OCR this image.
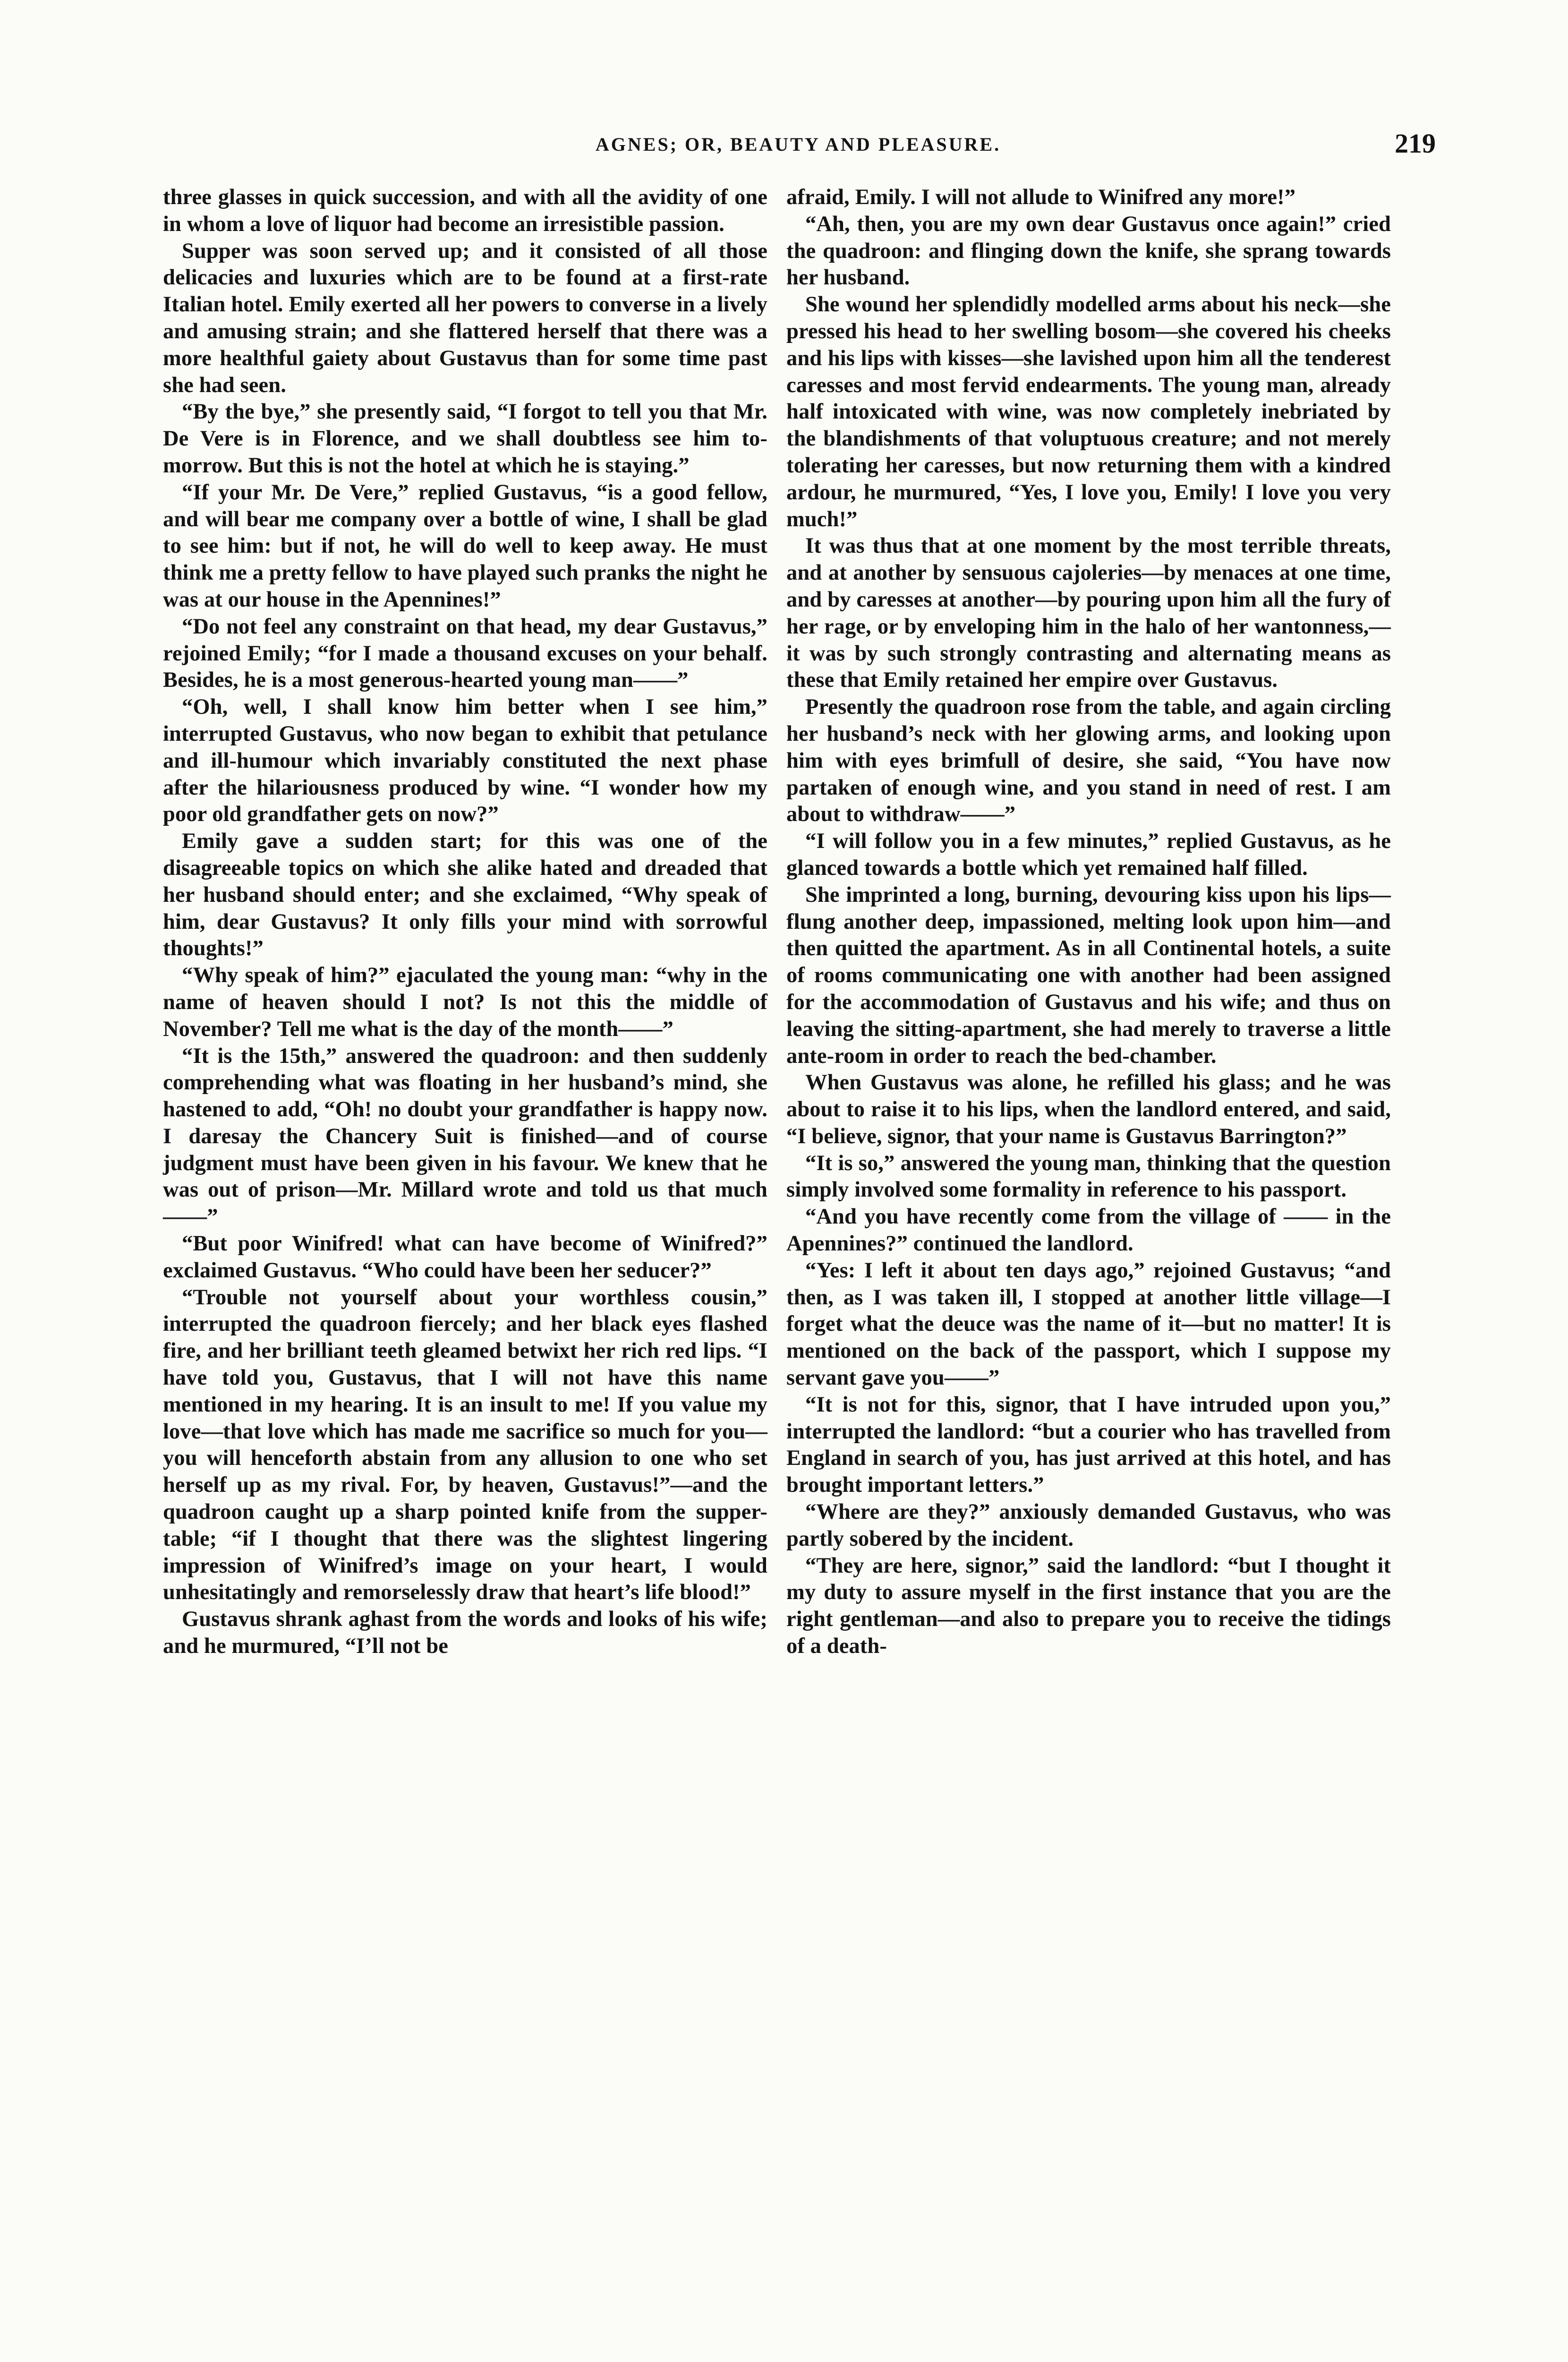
AGNES; OR, BEAUTY AND PLEASURE.	219

three glasses in quick succession, and with all the avidity of one in whom a love of liquor had become an irresistible passion.

Supper was soon served up; and it consisted of all those delicacies and luxuries which are to be found at a first-rate Italian hotel. Emily exerted all her powers to converse in a lively and amusing strain; and she flattered herself that there was a more healthful gaiety about Gustavus than for some time past she had seen.

“By the bye,” she presently said, “I forgot to tell you that Mr. De Vere is in Florence, and we shall doubtless see him to-morrow. But this is not the hotel at which he is staying.”

“If your Mr. De Vere,” replied Gustavus, “is a good fellow, and will bear me company over a bottle of wine, I shall be glad to see him: but if not, he will do well to keep away. He must think me a pretty fellow to have played such pranks the night he was at our house in the Apennines!”

“Do not feel any constraint on that head, my dear Gustavus,” rejoined Emily; “for I made a thousand excuses on your behalf. Besides, he is a most generous-hearted young man——”

“Oh, well, I shall know him better when I see him,” interrupted Gustavus, who now began to exhibit that petulance and ill-humour which invariably constituted the next phase after the hilariousness produced by wine. “I wonder how my poor old grandfather gets on now?”

Emily gave a sudden start; for this was one of the disagreeable topics on which she alike hated and dreaded that her husband should enter; and she exclaimed, “Why speak of him, dear Gustavus? It only fills your mind with sorrowful thoughts!”

“Why speak of him?” ejaculated the young man: “why in the name of heaven should I not? Is not this the middle of November? Tell me what is the day of the month——”

“It is the 15th,” answered the quadroon: and then suddenly comprehending what was floating in her husband’s mind, she hastened to add, “Oh! no doubt your grandfather is happy now. I daresay the Chancery Suit is finished—and of course judgment must have been given in his favour. We knew that he was out of prison—Mr. Millard wrote and told us that much——”

“But poor Winifred! what can have become of Winifred?” exclaimed Gustavus. “Who could have been her seducer?”

“Trouble not yourself about your worthless cousin,” interrupted the quadroon fiercely; and her black eyes flashed fire, and her brilliant teeth gleamed betwixt her rich red lips. “I have told you, Gustavus, that I will not have this name mentioned in my hearing. It is an insult to me! If you value my love—that love which has made me sacrifice so much for you—you will henceforth abstain from any allusion to one who set herself up as my rival. For, by heaven, Gustavus!”—and the quadroon caught up a sharp pointed knife from the supper-table; “if I thought that there was the slightest lingering impression of Winifred’s image on your heart, I would unhesitatingly and remorselessly draw that heart’s life blood!”

Gustavus shrank aghast from the words and looks of his wife; and he murmured, “I’ll not be

afraid, Emily. I will not allude to Winifred any more!”

“Ah, then, you are my own dear Gustavus once again!” cried the quadroon: and flinging down the knife, she sprang towards her husband.

She wound her splendidly modelled arms about his neck—she pressed his head to her swelling bosom—she covered his cheeks and his lips with kisses—she lavished upon him all the tenderest caresses and most fervid endearments. The young man, already half intoxicated with wine, was now completely inebriated by the blandishments of that voluptuous creature; and not merely tolerating her caresses, but now returning them with a kindred ardour, he murmured, “Yes, I love you, Emily! I love you very much!”

It was thus that at one moment by the most terrible threats, and at another by sensuous cajoleries—by menaces at one time, and by caresses at another—by pouring upon him all the fury of her rage, or by enveloping him in the halo of her wantonness,—it was by such strongly contrasting and alternating means as these that Emily retained her empire over Gustavus.

Presently the quadroon rose from the table, and again circling her husband’s neck with her glowing arms, and looking upon him with eyes brimfull of desire, she said, “You have now partaken of enough wine, and you stand in need of rest. I am about to withdraw——”

“I will follow you in a few minutes,” replied Gustavus, as he glanced towards a bottle which yet remained half filled.

She imprinted a long, burning, devouring kiss upon his lips—flung another deep, impassioned, melting look upon him—and then quitted the apartment. As in all Continental hotels, a suite of rooms communicating one with another had been assigned for the accommodation of Gustavus and his wife; and thus on leaving the sitting-apartment, she had merely to traverse a little ante-room in order to reach the bed-chamber.

When Gustavus was alone, he refilled his glass; and he was about to raise it to his lips, when the landlord entered, and said, “I believe, signor, that your name is Gustavus Barrington?”

“It is so,” answered the young man, thinking that the question simply involved some formality in reference to his passport.

“And you have recently come from the village of —— in the Apennines?” continued the landlord.

“Yes: I left it about ten days ago,” rejoined Gustavus; “and then, as I was taken ill, I stopped at another little village—I forget what the deuce was the name of it—but no matter! It is mentioned on the back of the passport, which I suppose my servant gave you——”

“It is not for this, signor, that I have intruded upon you,” interrupted the landlord: “but a courier who has travelled from England in search of you, has just arrived at this hotel, and has brought important letters.”

“Where are they?” anxiously demanded Gustavus, who was partly sobered by the incident.

“They are here, signor,” said the landlord: “but I thought it my duty to assure myself in the first instance that you are the right gentleman—and also to prepare you to receive the tidings of a death-
